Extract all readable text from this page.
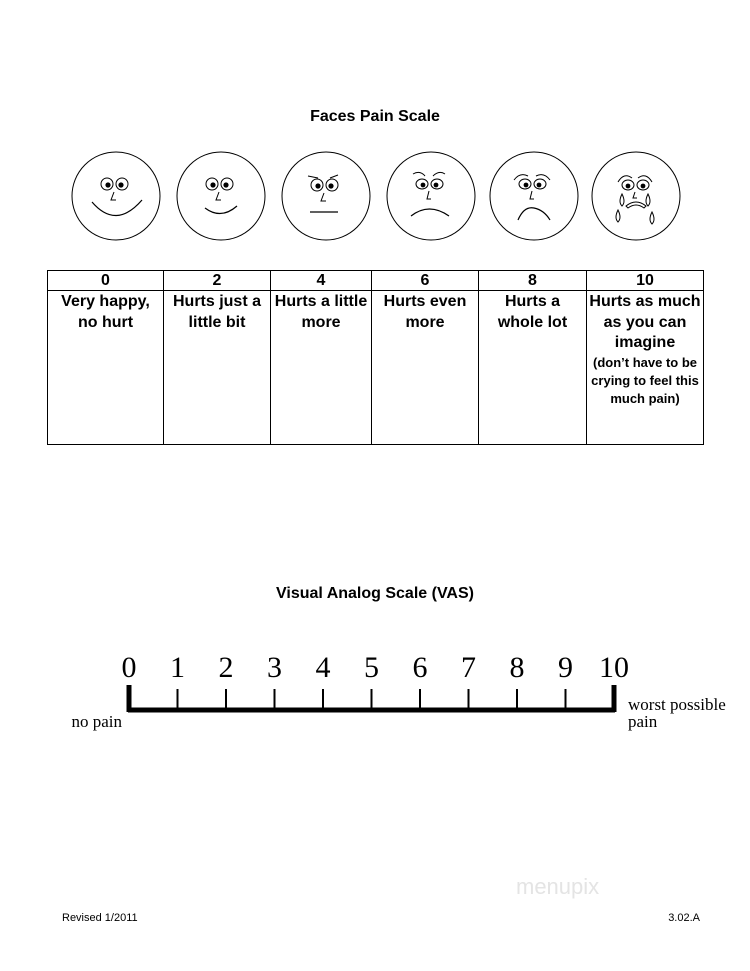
Faces Pain Scale
0	2	4	6	8	10
Very happy, no hurt	Hurts just a little bit	Hurts a little more	Hurts even more	Hurts a whole lot	Hurts as much as you can imagine
(don’t have to be crying to feel this much pain)
Visual Analog Scale (VAS)
0 1 2 3 4 5 6 7 8 9 10
no pain
worst possible pain
Revised 1/2011	3.02.A
menupix
